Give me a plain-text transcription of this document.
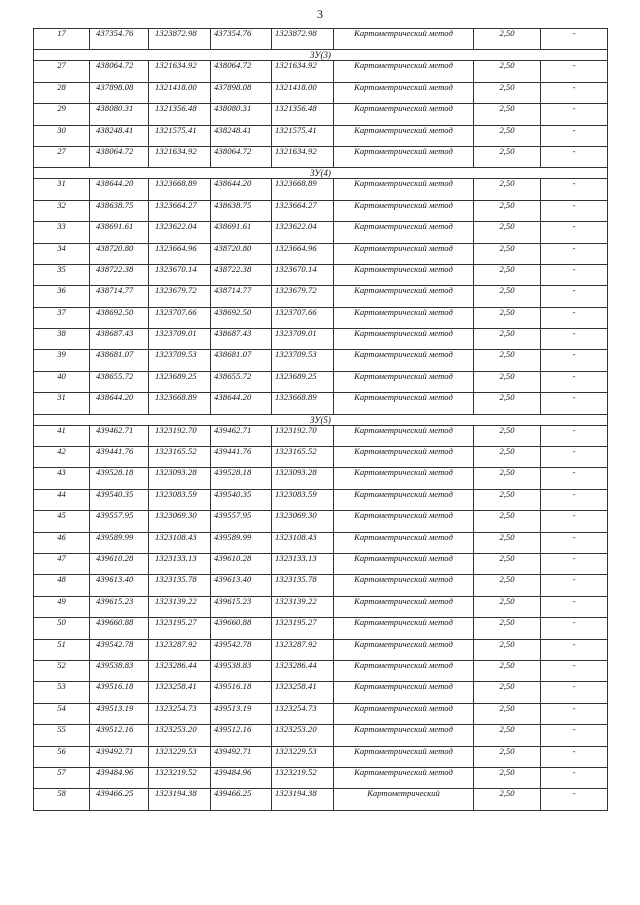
3
17	437354.76	1323872.98	437354.76	1323872.98	Картометрический метод	2,50	-
ЗУ(3)							
27	438064.72	1321634.92	438064.72	1321634.92	Картометрический метод	2,50	-
28	437898.08	1321418.00	437898.08	1321418.00	Картометрический метод	2,50	-
29	438080.31	1321356.48	438080.31	1321356.48	Картометрический метод	2,50	-
30	438248.41	1321575.41	438248.41	1321575.41	Картометрический метод	2,50	-
27	438064.72	1321634.92	438064.72	1321634.92	Картометрический метод	2,50	-
ЗУ(4)							
31	438644.20	1323668.89	438644.20	1323668.89	Картометрический метод	2,50	-
32	438638.75	1323664.27	438638.75	1323664.27	Картометрический метод	2,50	-
33	438691.61	1323622.04	438691.61	1323622.04	Картометрический метод	2,50	-
34	438720.80	1323664.96	438720.80	1323664.96	Картометрический метод	2,50	-
35	438722.38	1323670.14	438722.38	1323670.14	Картометрический метод	2,50	-
36	438714.77	1323679.72	438714.77	1323679.72	Картометрический метод	2,50	-
37	438692.50	1323707.66	438692.50	1323707.66	Картометрический метод	2,50	-
38	438687.43	1323709.01	438687.43	1323709.01	Картометрический метод	2,50	-
39	438681.07	1323709.53	438681.07	1323709.53	Картометрический метод	2,50	-
40	438655.72	1323689.25	438655.72	1323689.25	Картометрический метод	2,50	-
31	438644.20	1323668.89	438644.20	1323668.89	Картометрический метод	2,50	-
ЗУ(5)							
41	439462.71	1323192.70	439462.71	1323192.70	Картометрический метод	2,50	-
42	439441.76	1323165.52	439441.76	1323165.52	Картометрический метод	2,50	-
43	439528.18	1323093.28	439528.18	1323093.28	Картометрический метод	2,50	-
44	439540.35	1323083.59	439540.35	1323083.59	Картометрический метод	2,50	-
45	439557.95	1323069.30	439557.95	1323069.30	Картометрический метод	2,50	-
46	439589.99	1323108.43	439589.99	1323108.43	Картометрический метод	2,50	-
47	439610.28	1323133.13	439610.28	1323133.13	Картометрический метод	2,50	-
48	439613.40	1323135.78	439613.40	1323135.78	Картометрический метод	2,50	-
49	439615.23	1323139.22	439615.23	1323139.22	Картометрический метод	2,50	-
50	439660.88	1323195.27	439660.88	1323195.27	Картометрический метод	2,50	-
51	439542.78	1323287.92	439542.78	1323287.92	Картометрический метод	2,50	-
52	439538.83	1323286.44	439538.83	1323286.44	Картометрический метод	2,50	-
53	439516.18	1323258.41	439516.18	1323258.41	Картометрический метод	2,50	-
54	439513.19	1323254.73	439513.19	1323254.73	Картометрический метод	2,50	-
55	439512.16	1323253.20	439512.16	1323253.20	Картометрический метод	2,50	-
56	439492.71	1323229.53	439492.71	1323229.53	Картометрический метод	2,50	-
57	439484.96	1323219.52	439484.96	1323219.52	Картометрический метод	2,50	-
58	439466.25	1323194.38	439466.25	1323194.38	Картометрический	2,50	-
